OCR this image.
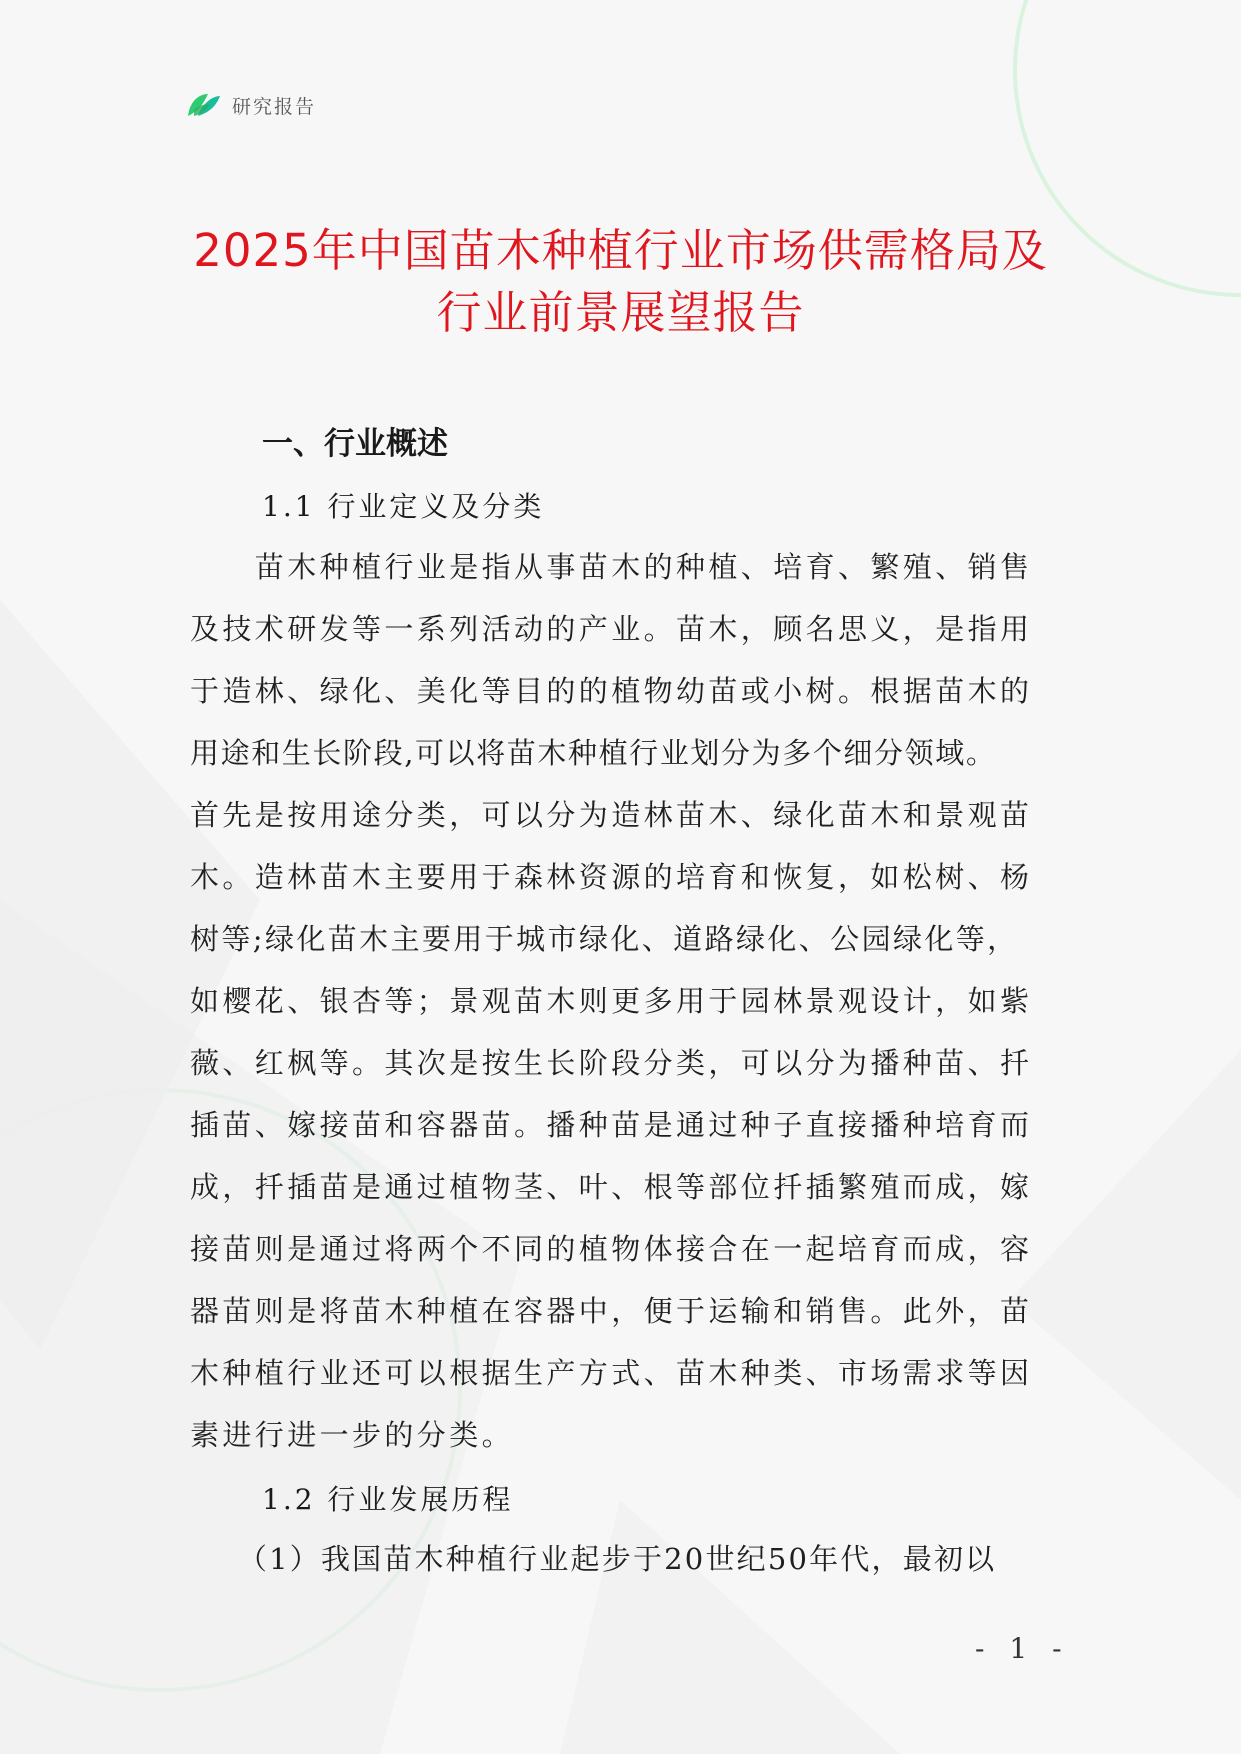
研究报告
2025年中国苗木种植行业市场供需格局及
行业前景展望报告
一、行业概述
1.1 行业定义及分类
　　苗木种植行业是指从事苗木的种植、培育、繁殖、销售
及技术研发等一系列活动的产业。苗木，顾名思义，是指用
于造林、绿化、美化等目的的植物幼苗或小树。根据苗木的
用途和生长阶段,可以将苗木种植行业划分为多个细分领域。
首先是按用途分类，可以分为造林苗木、绿化苗木和景观苗
木。造林苗木主要用于森林资源的培育和恢复，如松树、杨
树等;绿化苗木主要用于城市绿化、道路绿化、公园绿化等，
如樱花、银杏等；景观苗木则更多用于园林景观设计，如紫
薇、红枫等。其次是按生长阶段分类，可以分为播种苗、扦
插苗、嫁接苗和容器苗。播种苗是通过种子直接播种培育而
成，扦插苗是通过植物茎、叶、根等部位扦插繁殖而成，嫁
接苗则是通过将两个不同的植物体接合在一起培育而成，容
器苗则是将苗木种植在容器中，便于运输和销售。此外，苗
木种植行业还可以根据生产方式、苗木种类、市场需求等因
素进行进一步的分类。
1.2 行业发展历程
　　（1）我国苗木种植行业起步于20世纪50年代，最初以
- 1 -
